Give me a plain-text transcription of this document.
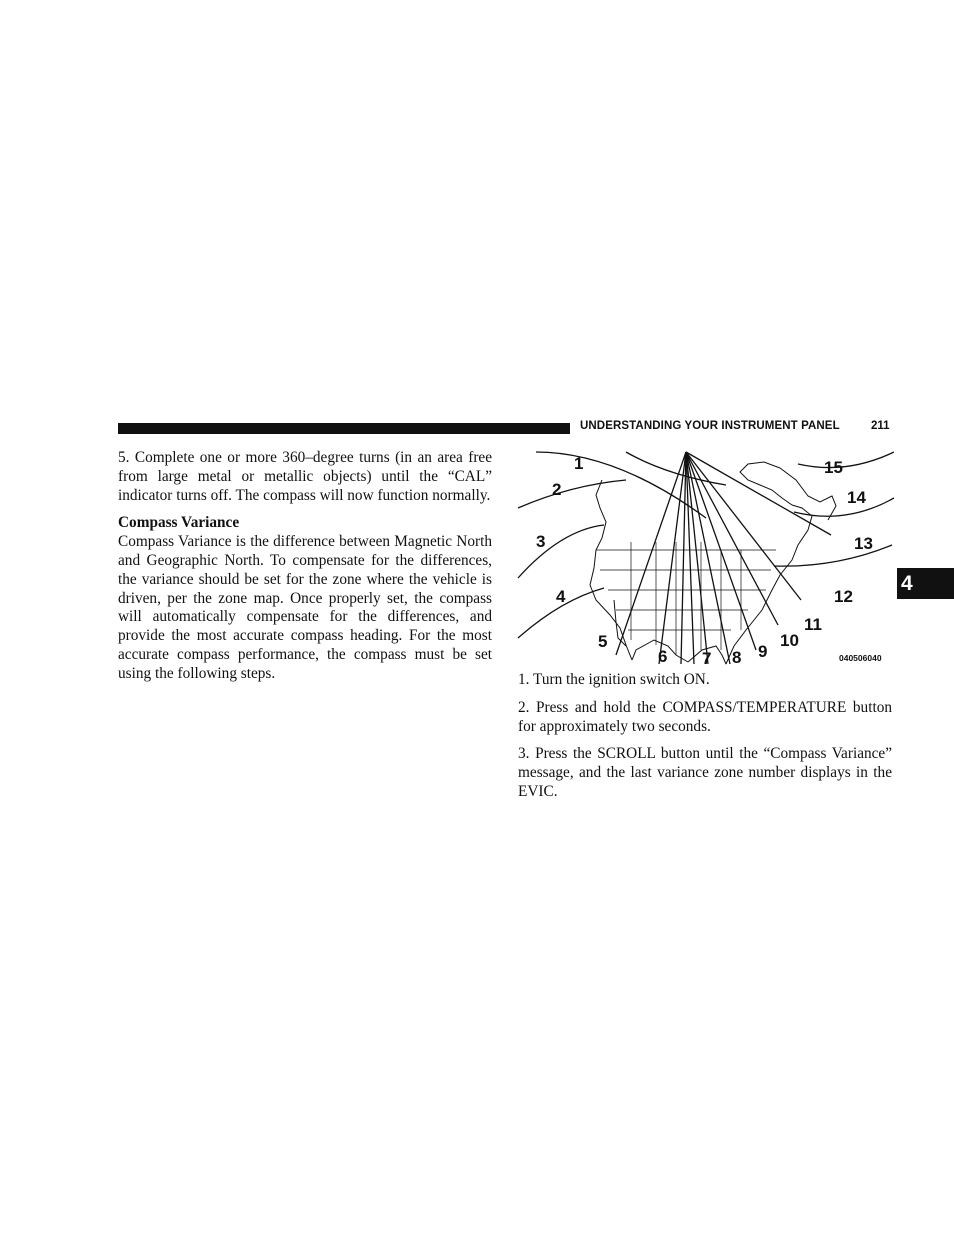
UNDERSTANDING YOUR INSTRUMENT PANEL	211
4

5. Complete one or more 360–degree turns (in an area free from large metal or metallic objects) until the “CAL” indicator turns off. The compass will now function normally.

Compass Variance
Compass Variance is the difference between Magnetic North and Geographic North. To compensate for the differences, the variance should be set for the zone where the vehicle is driven, per the zone map. Once properly set, the compass will automatically compensate for the differences, and provide the most accurate compass heading. For the most accurate compass performance, the compass must be set using the following steps.

1
2
3
4
5
6 7 8 9
10
11
12
13
14
15
040506040

1. Turn the ignition switch ON.

2. Press and hold the COMPASS/TEMPERATURE button for approximately two seconds.

3. Press the SCROLL button until the “Compass Variance” message, and the last variance zone number displays in the EVIC.
